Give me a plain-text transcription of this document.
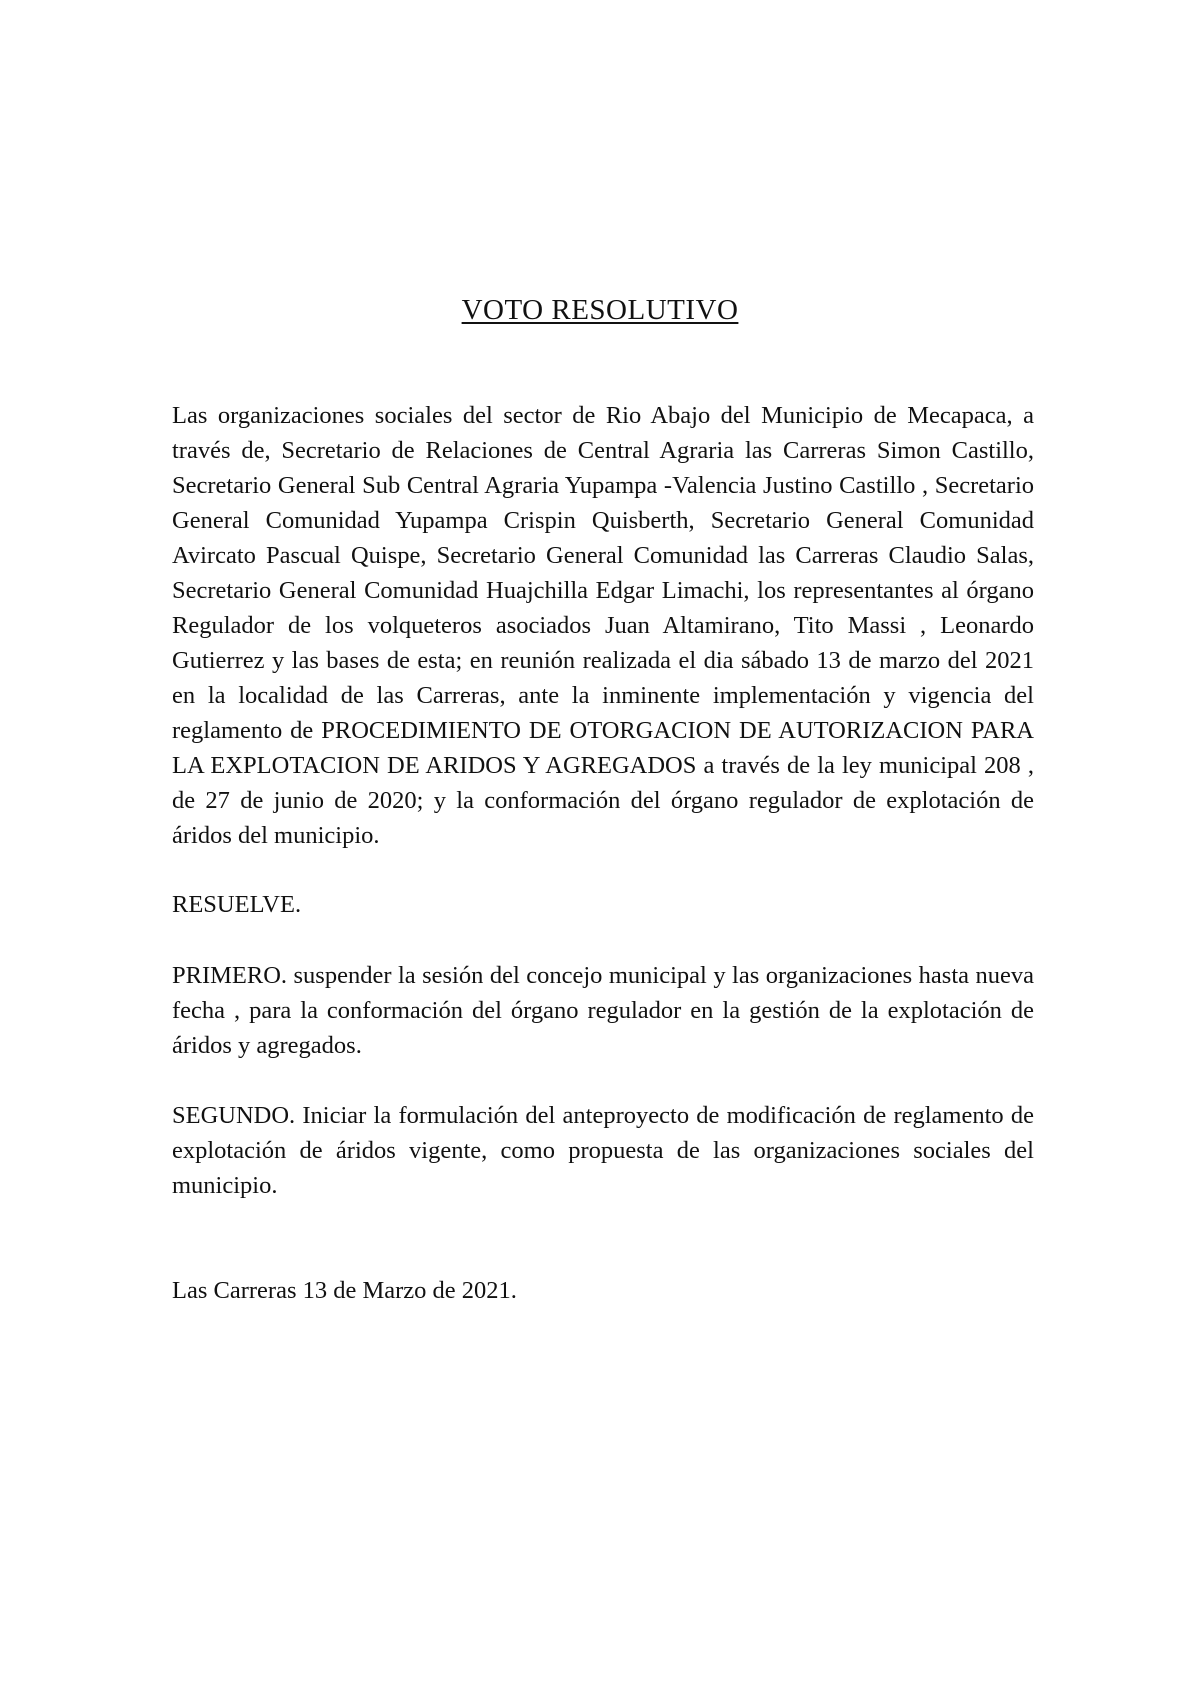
VOTO RESOLUTIVO

Las organizaciones sociales del sector de Rio Abajo del Municipio de Mecapaca, a través de, Secretario de Relaciones de Central Agraria las Carreras Simon Castillo, Secretario General Sub Central Agraria Yupampa -Valencia Justino Castillo , Secretario General Comunidad Yupampa Crispin Quisberth, Secretario General Comunidad Avircato Pascual Quispe, Secretario General Comunidad las Carreras Claudio Salas, Secretario General Comunidad Huajchilla Edgar Limachi, los representantes al órgano Regulador de los volqueteros asociados Juan Altamirano, Tito Massi , Leonardo Gutierrez y las bases de esta; en reunión realizada el dia sábado 13 de marzo del 2021 en la localidad de las Carreras, ante la inminente implementación y vigencia del reglamento de PROCEDIMIENTO DE OTORGACION DE AUTORIZACION PARA LA EXPLOTACION DE ARIDOS Y AGREGADOS a través de la ley municipal 208 , de 27 de junio de 2020; y la conformación del órgano regulador de explotación de áridos del municipio.

RESUELVE.

PRIMERO. suspender la sesión del concejo municipal y las organizaciones hasta nueva fecha , para la conformación del órgano regulador en la gestión de la explotación de áridos y agregados.

SEGUNDO. Iniciar la formulación del anteproyecto de modificación de reglamento de explotación de áridos vigente, como propuesta de las organizaciones sociales del municipio.

Las Carreras 13 de Marzo de 2021.
